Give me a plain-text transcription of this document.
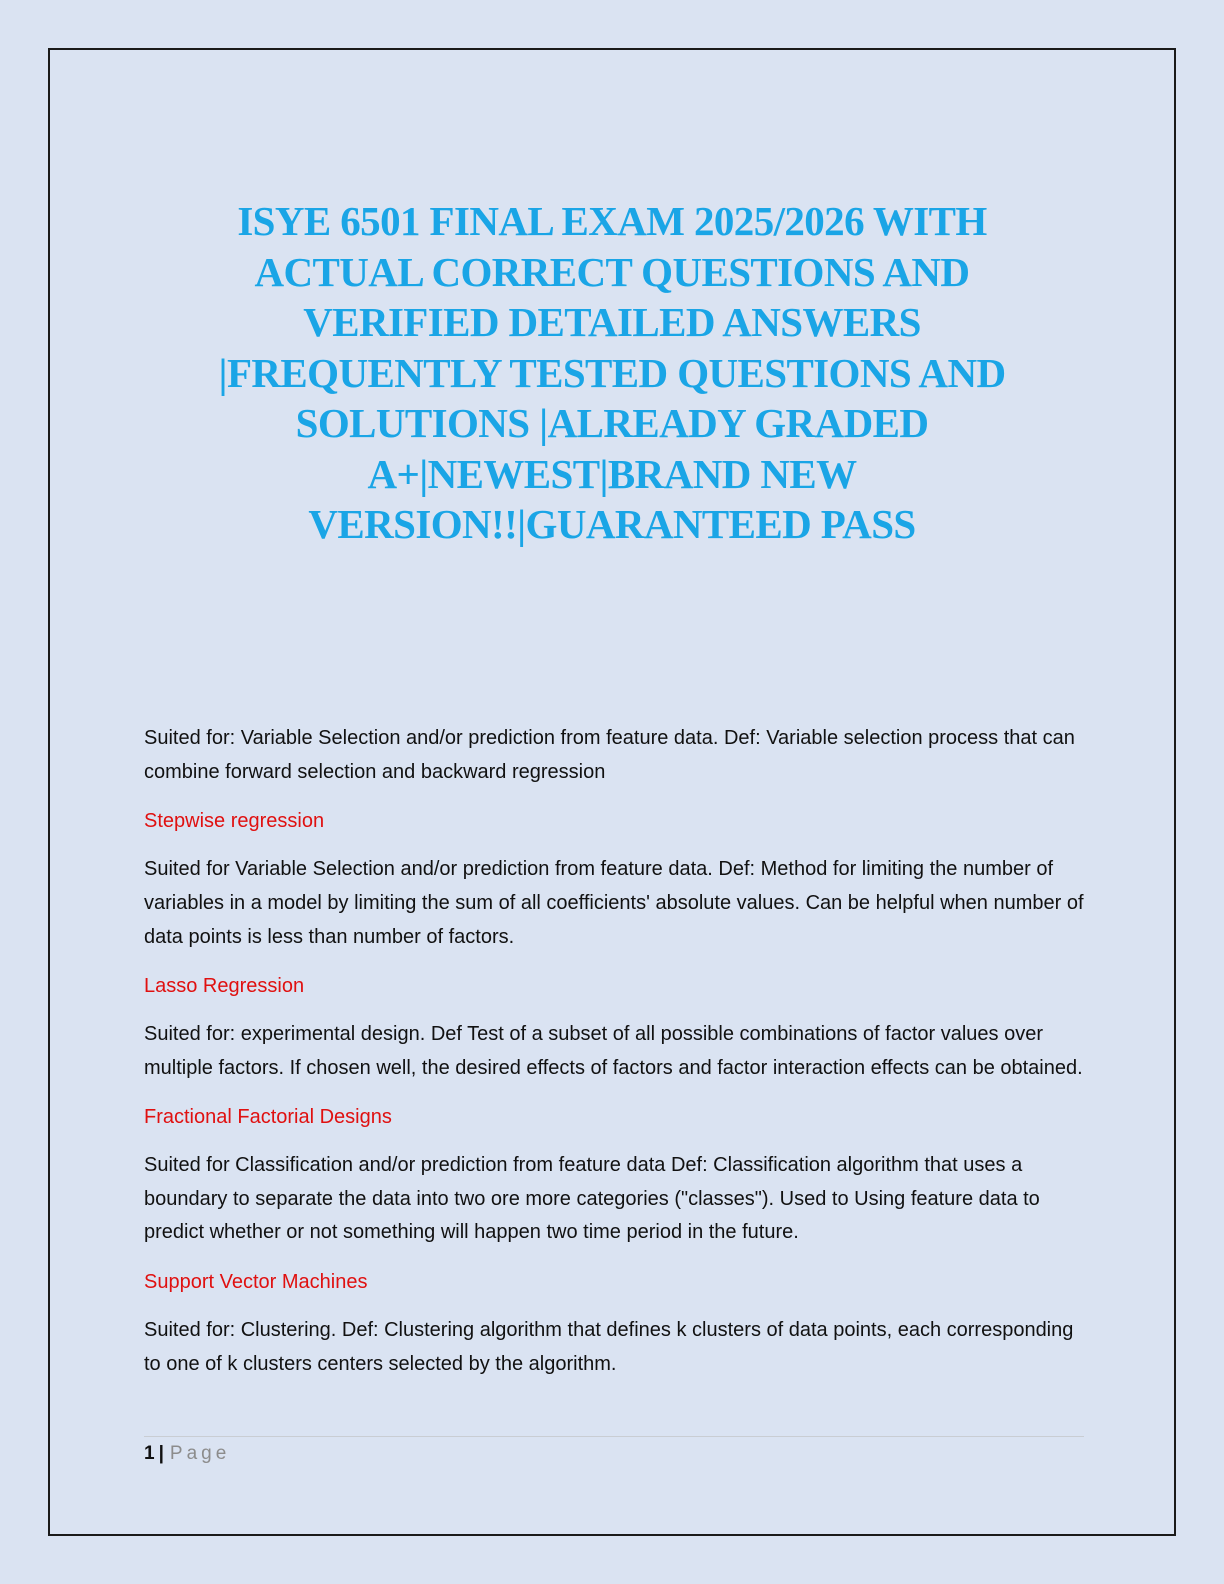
ISYE 6501 FINAL EXAM 2025/2026 WITH ACTUAL CORRECT QUESTIONS AND VERIFIED DETAILED ANSWERS |FREQUENTLY TESTED QUESTIONS AND SOLUTIONS |ALREADY GRADED A+|NEWEST|BRAND NEW VERSION!!|GUARANTEED PASS

Suited for: Variable Selection and/or prediction from feature data. Def: Variable selection process that can combine forward selection and backward regression

Stepwise regression

Suited for Variable Selection and/or prediction from feature data. Def: Method for limiting the number of variables in a model by limiting the sum of all coefficients' absolute values. Can be helpful when number of data points is less than number of factors.

Lasso Regression

Suited for: experimental design. Def Test of a subset of all possible combinations of factor values over multiple factors. If chosen well, the desired effects of factors and factor interaction effects can be obtained.

Fractional Factorial Designs

Suited for Classification and/or prediction from feature data Def: Classification algorithm that uses a boundary to separate the data into two ore more categories ("classes"). Used to Using feature data to predict whether or not something will happen two time period in the future.

Support Vector Machines

Suited for: Clustering. Def: Clustering algorithm that defines k clusters of data points, each corresponding to one of k clusters centers selected by the algorithm.

1 | Page
